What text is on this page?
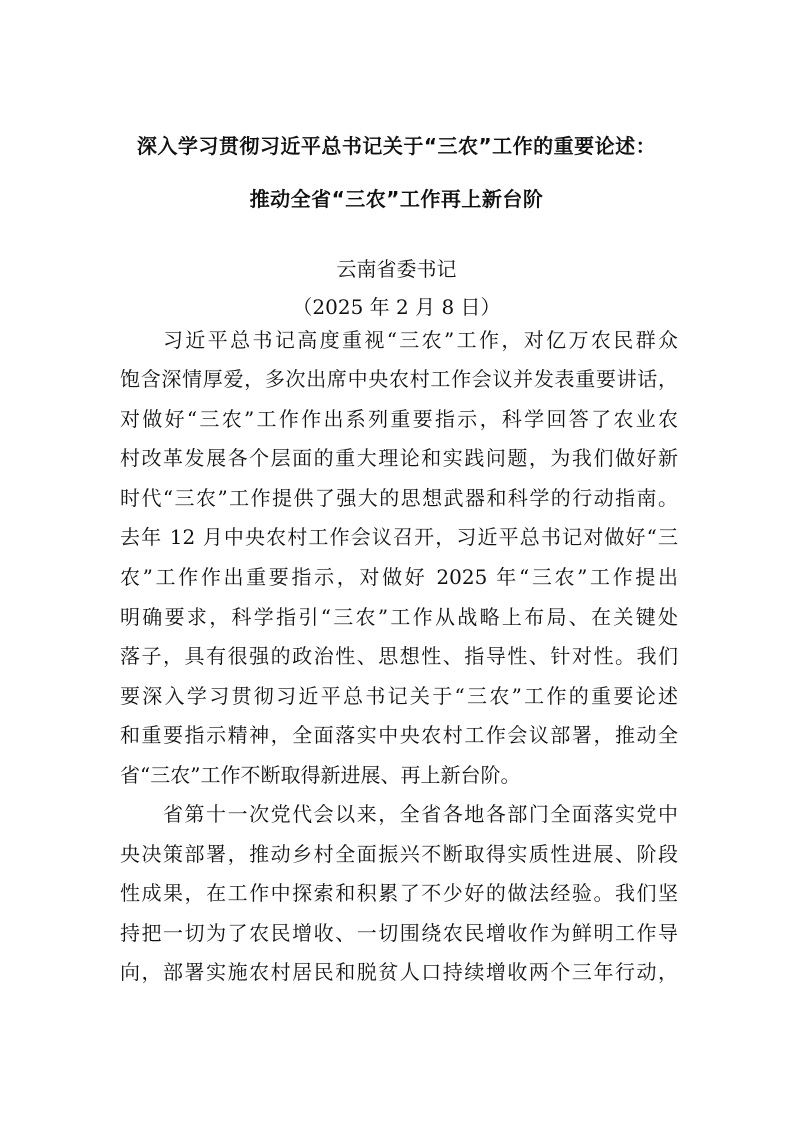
深入学习贯彻习近平总书记关于“三农”工作的重要论述：
推动全省“三农”工作再上新台阶
云南省委书记
（2025 年 2 月 8 日）
习近平总书记高度重视“三农”工作，对亿万农民群众
饱含深情厚爱，多次出席中央农村工作会议并发表重要讲话，
对做好“三农”工作作出系列重要指示，科学回答了农业农
村改革发展各个层面的重大理论和实践问题，为我们做好新
时代“三农”工作提供了强大的思想武器和科学的行动指南。
去年 12 月中央农村工作会议召开，习近平总书记对做好“三
农”工作作出重要指示，对做好 2025 年“三农”工作提出
明确要求，科学指引“三农”工作从战略上布局、在关键处
落子，具有很强的政治性、思想性、指导性、针对性。我们
要深入学习贯彻习近平总书记关于“三农”工作的重要论述
和重要指示精神，全面落实中央农村工作会议部署，推动全
省“三农”工作不断取得新进展、再上新台阶。
省第十一次党代会以来，全省各地各部门全面落实党中
央决策部署，推动乡村全面振兴不断取得实质性进展、阶段
性成果，在工作中探索和积累了不少好的做法经验。我们坚
持把一切为了农民增收、一切围绕农民增收作为鲜明工作导
向，部署实施农村居民和脱贫人口持续增收两个三年行动，
